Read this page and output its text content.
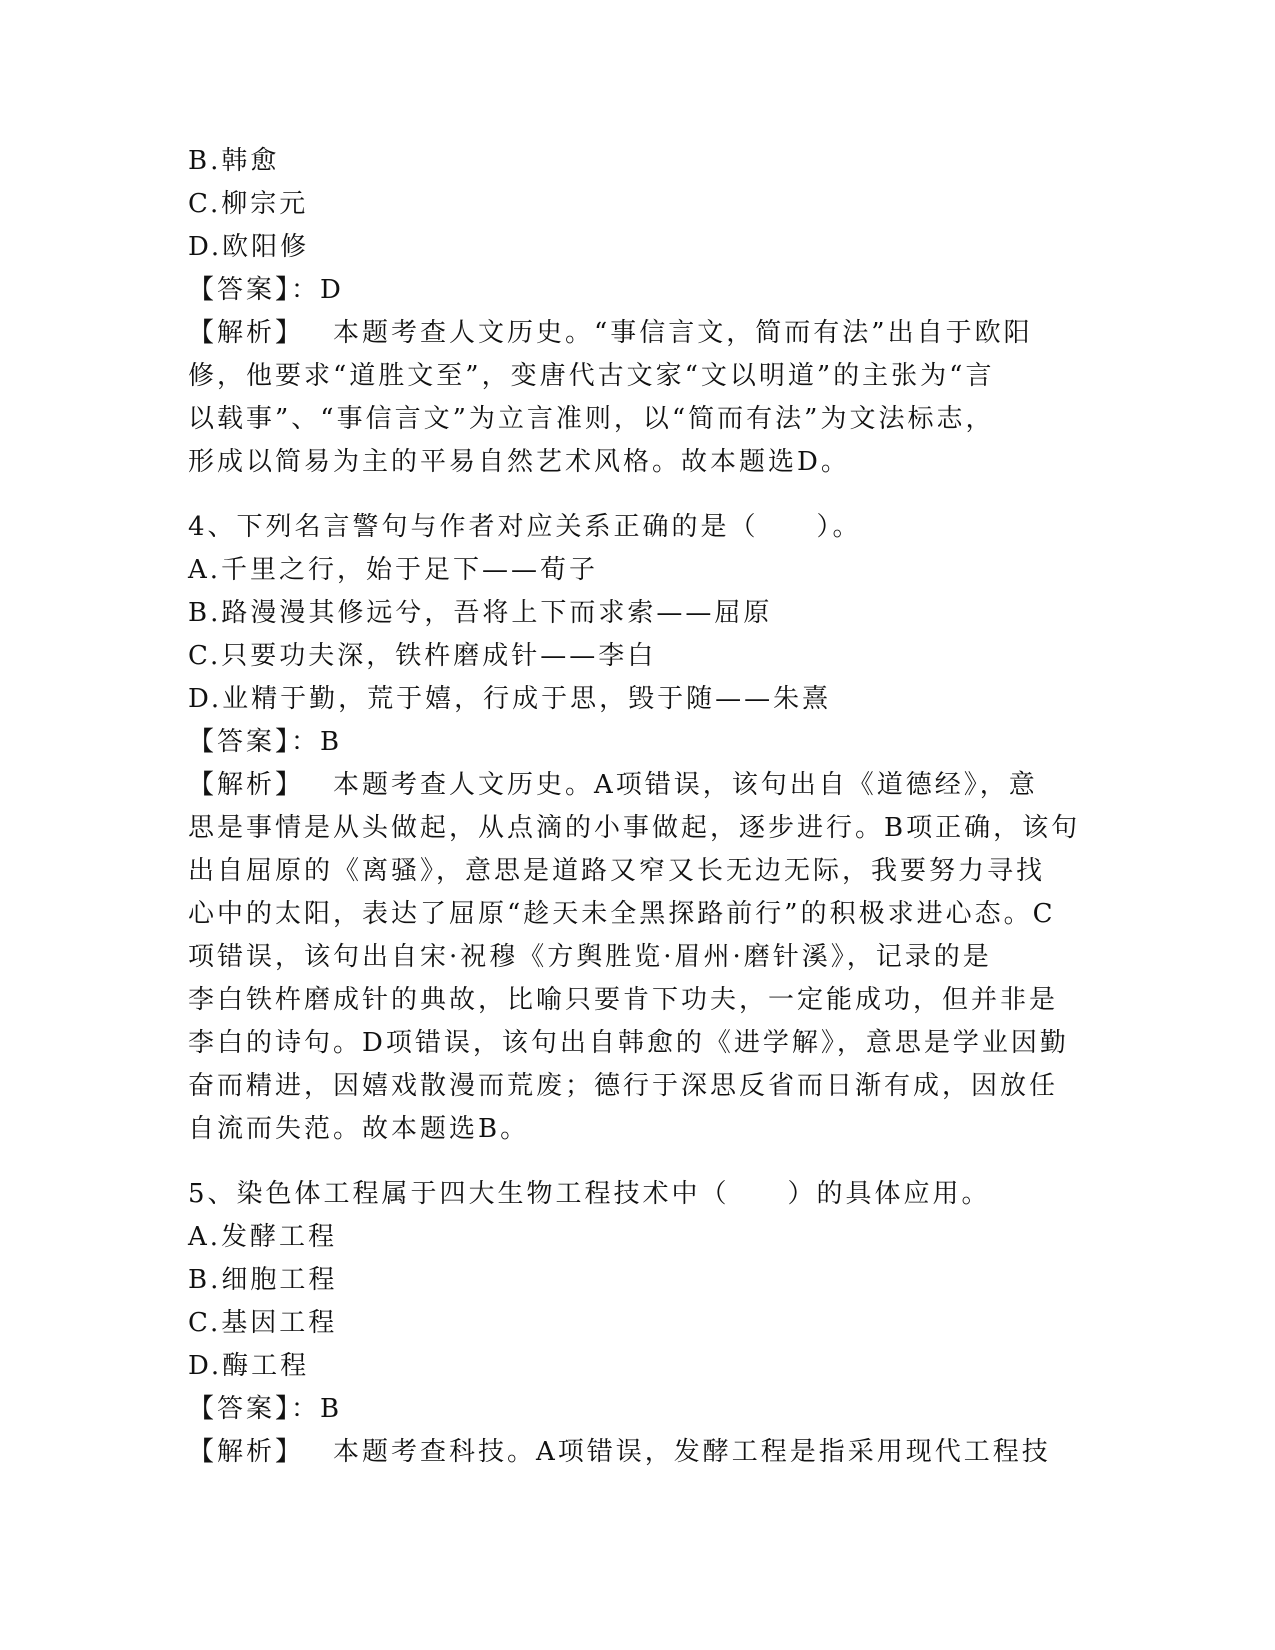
B.韩愈
C.柳宗元
D.欧阳修
【答案】：D
【解析】  本题考查人文历史。“事信言文，简而有法”出自于欧阳
修，他要求“道胜文至”，变唐代古文家“文以明道”的主张为“言
以载事”、“事信言文”为立言准则，以“简而有法”为文法标志，
形成以简易为主的平易自然艺术风格。故本题选D。
4、下列名言警句与作者对应关系正确的是（　　）。
A.千里之行，始于足下——荀子
B.路漫漫其修远兮，吾将上下而求索——屈原
C.只要功夫深，铁杵磨成针——李白
D.业精于勤，荒于嬉，行成于思，毁于随——朱熹
【答案】：B
【解析】  本题考查人文历史。A项错误，该句出自《道德经》，意
思是事情是从头做起，从点滴的小事做起，逐步进行。B项正确，该句
出自屈原的《离骚》，意思是道路又窄又长无边无际，我要努力寻找
心中的太阳，表达了屈原“趁天未全黑探路前行”的积极求进心态。C
项错误，该句出自宋·祝穆《方舆胜览·眉州·磨针溪》，记录的是
李白铁杵磨成针的典故，比喻只要肯下功夫，一定能成功，但并非是
李白的诗句。D项错误，该句出自韩愈的《进学解》，意思是学业因勤
奋而精进，因嬉戏散漫而荒废；德行于深思反省而日渐有成，因放任
自流而失范。故本题选B。
5、染色体工程属于四大生物工程技术中（　　）的具体应用。
A.发酵工程
B.细胞工程
C.基因工程
D.酶工程
【答案】：B
【解析】  本题考查科技。A项错误，发酵工程是指采用现代工程技
